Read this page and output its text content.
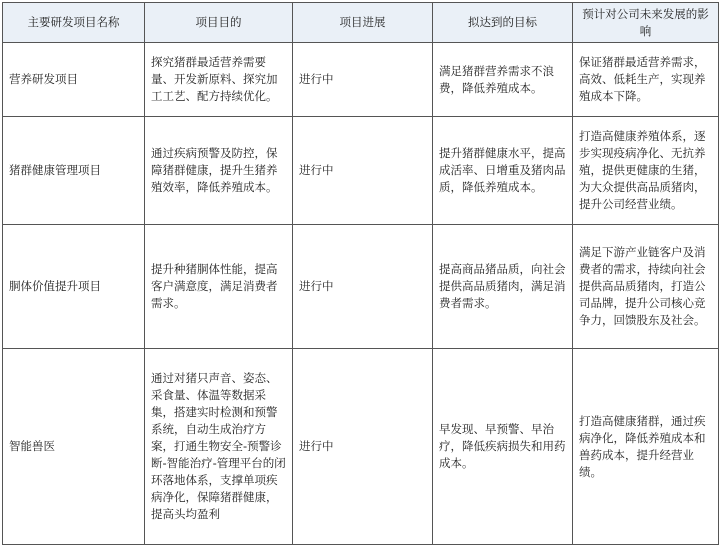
主要研发项目名称	项目目的	项目进展	拟达到的目标	预计对公司未来发展的影响
营养研发项目	探究猪群最适营养需要量、开发新原料、探究加工工艺、配方持续优化。	进行中	满足猪群营养需求不浪费，降低养殖成本。	保证猪群最适营养需求，高效、低耗生产，实现养殖成本下降。
猪群健康管理项目	通过疾病预警及防控，保障猪群健康，提升生猪养殖效率，降低养殖成本。	进行中	提升猪群健康水平，提高成活率、日增重及猪肉品质，降低养殖成本。	打造高健康养殖体系，逐步实现疫病净化、无抗养殖，提供更健康的生猪，为大众提供高品质猪肉，提升公司经营业绩。
胴体价值提升项目	提升种猪胴体性能，提高客户满意度，满足消费者需求。	进行中	提高商品猪品质，向社会提供高品质猪肉，满足消费者需求。	满足下游产业链客户及消费者的需求，持续向社会提供高品质猪肉，打造公司品牌，提升公司核心竞争力，回馈股东及社会。
智能兽医	通过对猪只声音、姿态、采食量、体温等数据采集，搭建实时检测和预警系统，自动生成治疗方案，打通生物安全-预警诊断-智能治疗-管理平台的闭环落地体系，支撑单项疾病净化，保障猪群健康，提高头均盈利	进行中	早发现、早预警、早治疗，降低疾病损失和用药成本。	打造高健康猪群，通过疾病净化，降低养殖成本和兽药成本，提升经营业绩。
